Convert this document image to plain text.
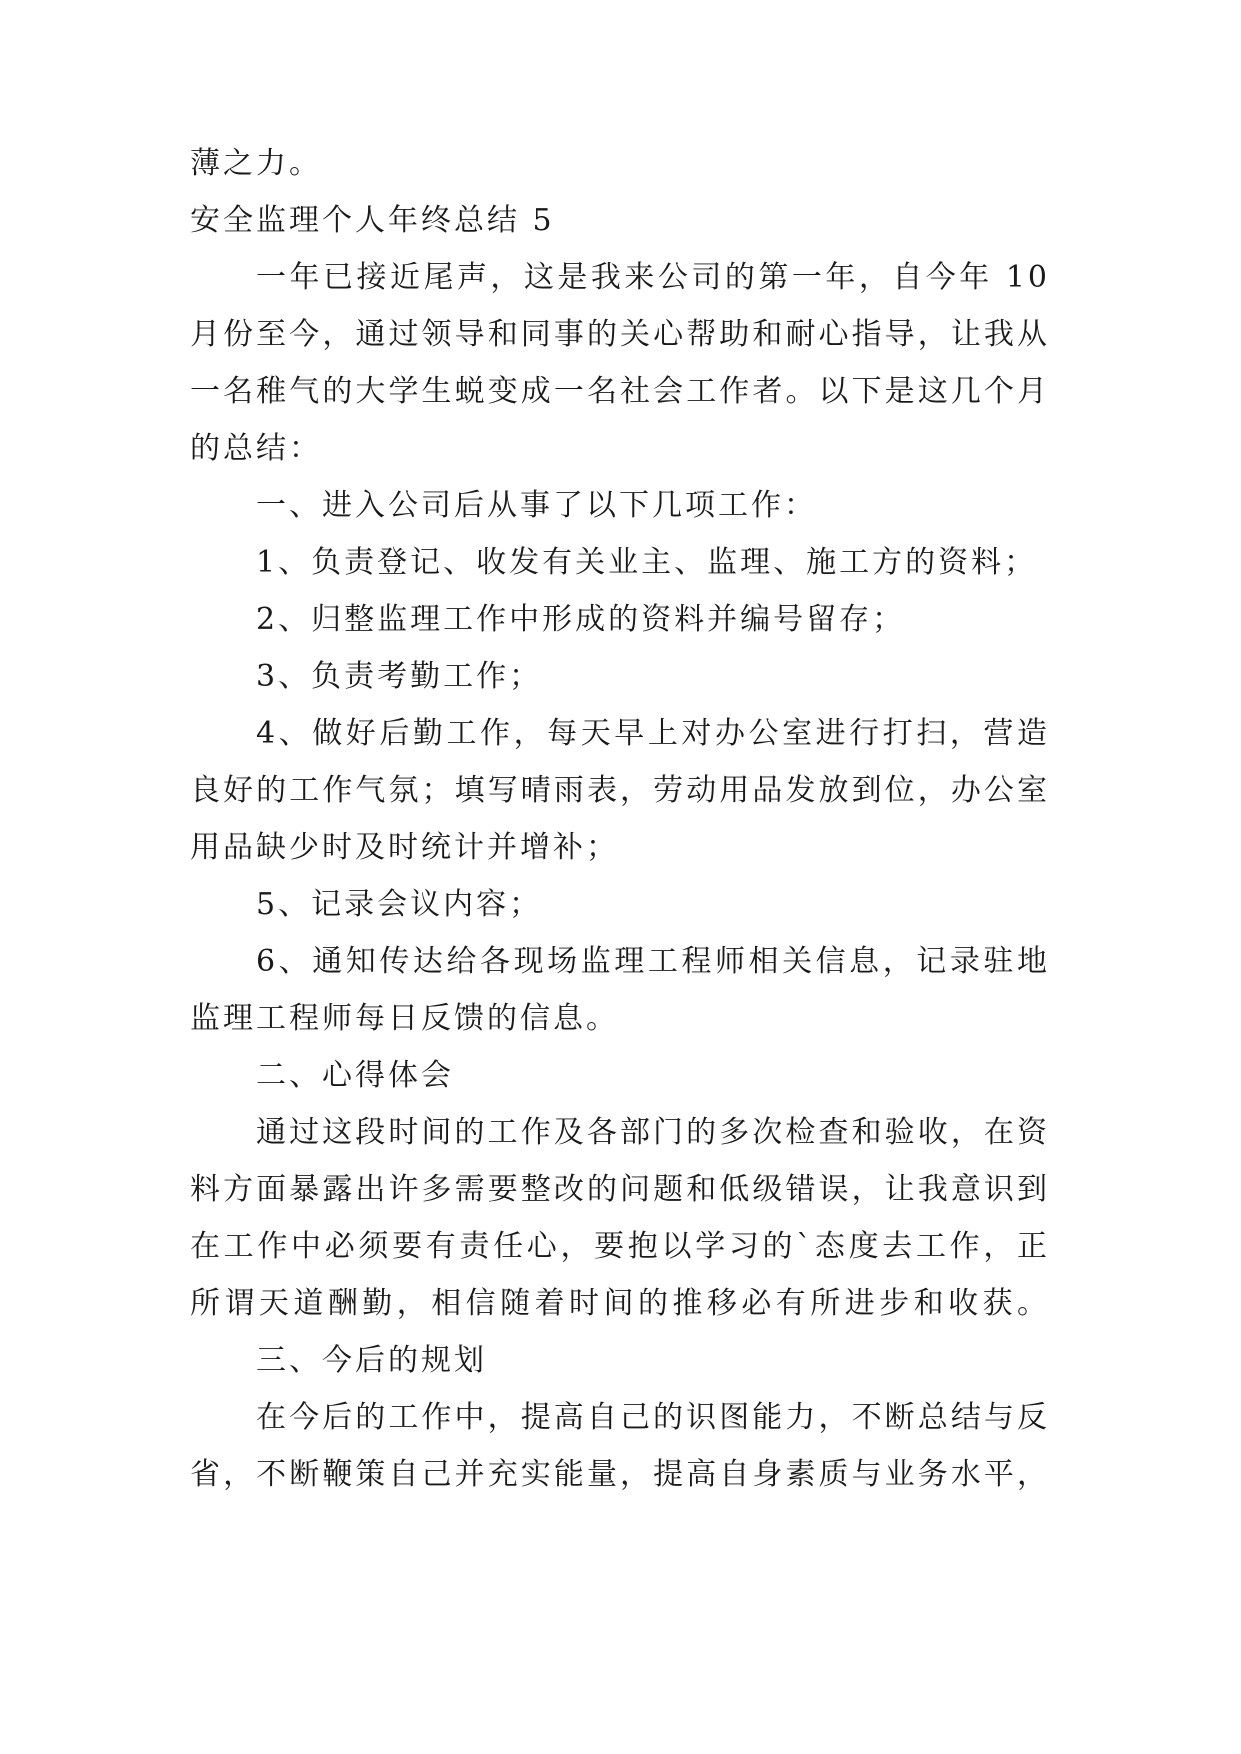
薄之力。

安全监理个人年终总结 5

一年已接近尾声，这是我来公司的第一年，自今年 10

月份至今，通过领导和同事的关心帮助和耐心指导，让我从

一名稚气的大学生蜕变成一名社会工作者。以下是这几个月

的总结：

一、进入公司后从事了以下几项工作：

1、负责登记、收发有关业主、监理、施工方的资料；

2、归整监理工作中形成的资料并编号留存；

3、负责考勤工作；

4、做好后勤工作，每天早上对办公室进行打扫，营造

良好的工作气氛；填写晴雨表，劳动用品发放到位，办公室

用品缺少时及时统计并增补；

5、记录会议内容；

6、通知传达给各现场监理工程师相关信息，记录驻地

监理工程师每日反馈的信息。

二、心得体会

通过这段时间的工作及各部门的多次检查和验收，在资

料方面暴露出许多需要整改的问题和低级错误，让我意识到

在工作中必须要有责任心，要抱以学习的`态度去工作，正

所谓天道酬勤，相信随着时间的推移必有所进步和收获。

三、今后的规划

在今后的工作中，提高自己的识图能力，不断总结与反

省，不断鞭策自己并充实能量，提高自身素质与业务水平，
